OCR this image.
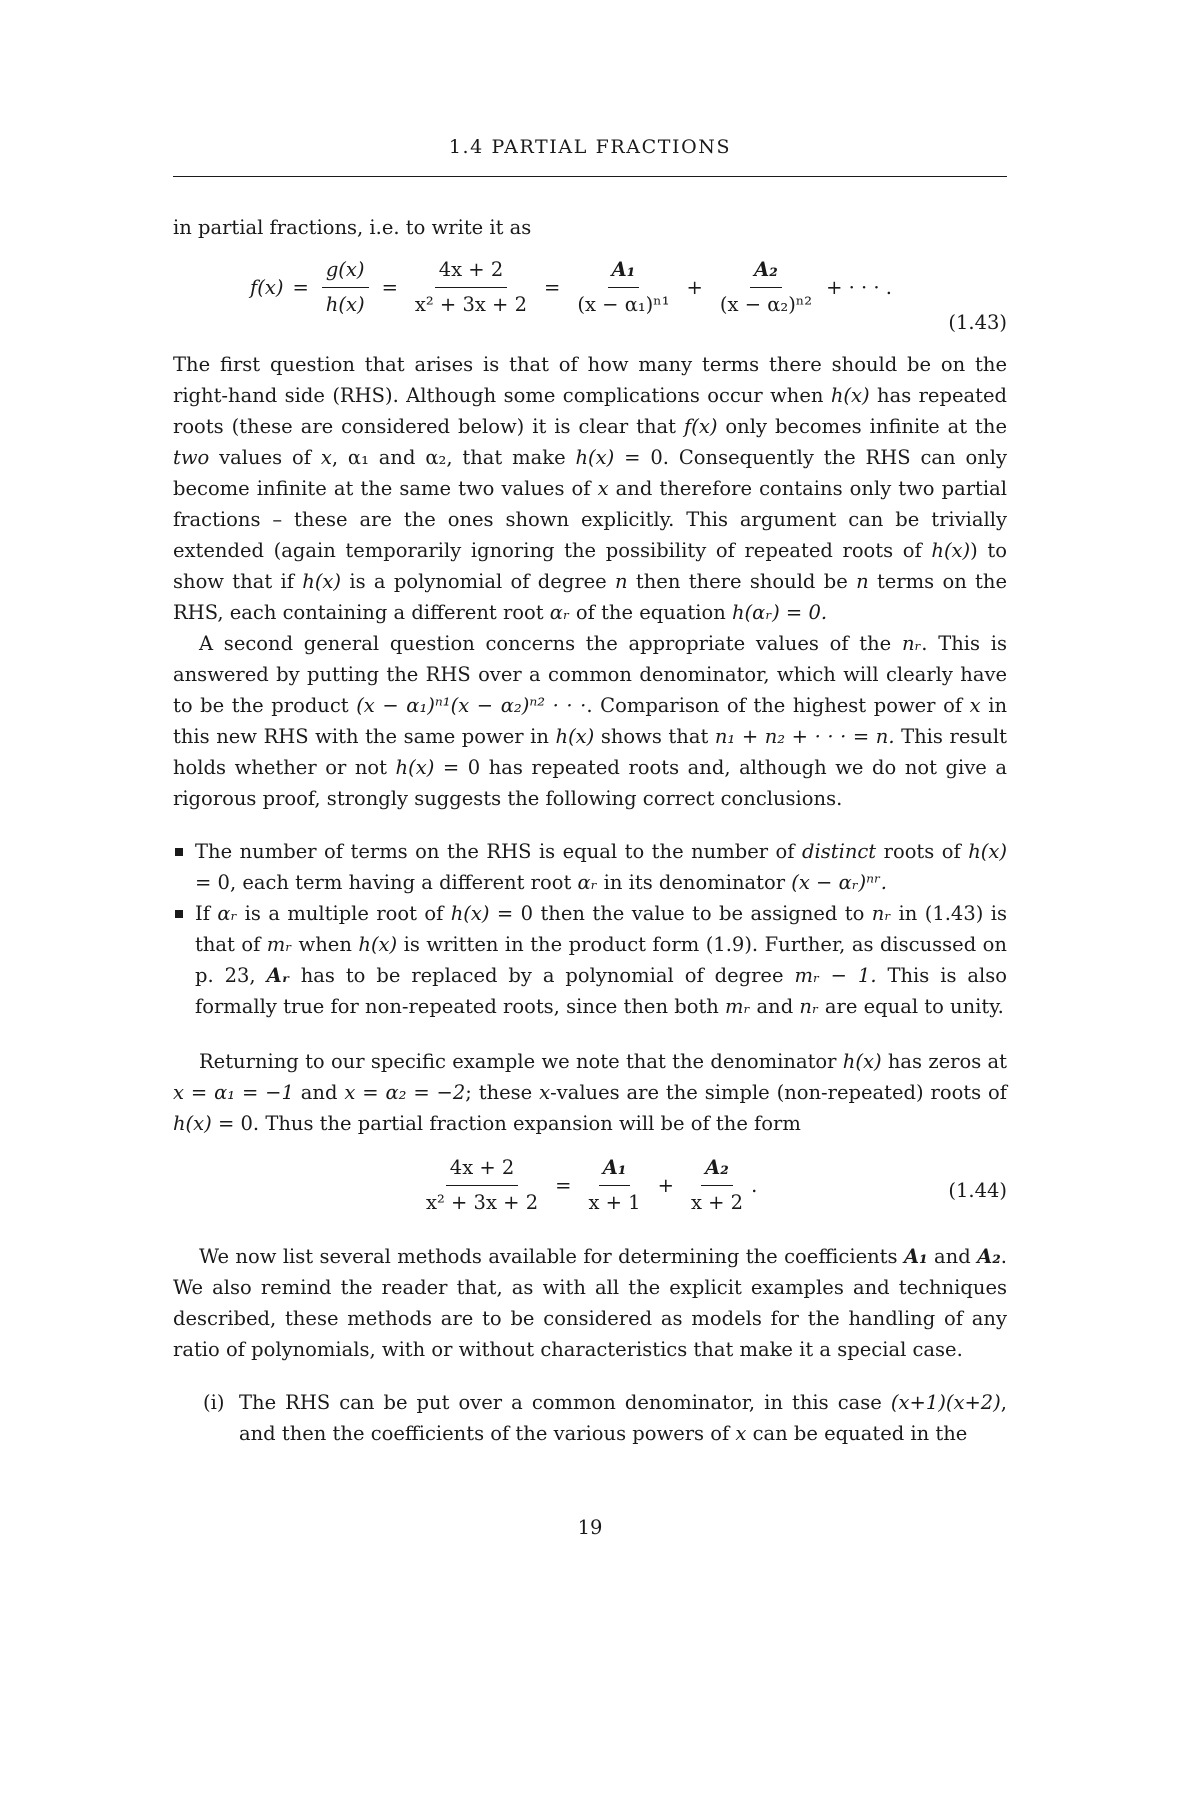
1.4 PARTIAL FRACTIONS

in partial fractions, i.e. to write it as

$f(x) = \frac{g(x)}{h(x)} = \frac{4x + 2}{\text{x² + 3x + 2}} = \frac{\text{A₁}}{\text{(x − α₁)ⁿ¹}} + \frac{\text{A₂}}{\text{(x − α₂)ⁿ²}}$ + · · · .
(1.43)

The first question that arises is that of how many terms there should be on the right-hand side (RHS). Although some complications occur when h(x) has repeated roots (these are considered below) it is clear that f(x) only becomes infinite at the two values of x, α₁ and α₂, that make h(x) = 0. Consequently the RHS can only become infinite at the same two values of x and therefore contains only two partial fractions – these are the ones shown explicitly. This argument can be trivially extended (again temporarily ignoring the possibility of repeated roots of h(x)) to show that if h(x) is a polynomial of degree n then there should be n terms on the RHS, each containing a different root αᵣ of the equation h(αᵣ) = 0.

A second general question concerns the appropriate values of the nᵣ. This is answered by putting the RHS over a common denominator, which will clearly have to be the product (x − α₁)ⁿ¹(x − α₂)ⁿ² · · ·. Comparison of the highest power of x in this new RHS with the same power in h(x) shows that n₁ + n₂ + · · · = n. This result holds whether or not h(x) = 0 has repeated roots and, although we do not give a rigorous proof, strongly suggests the following correct conclusions.

The number of terms on the RHS is equal to the number of distinct roots of h(x) = 0, each term having a different root αᵣ in its denominator (x − αᵣ)ⁿʳ.
If αᵣ is a multiple root of h(x) = 0 then the value to be assigned to nᵣ in (1.43) is that of mᵣ when h(x) is written in the product form (1.9). Further, as discussed on p. 23, Aᵣ has to be replaced by a polynomial of degree mᵣ − 1. This is also formally true for non-repeated roots, since then both mᵣ and nᵣ are equal to unity.

Returning to our specific example we note that the denominator h(x) has zeros at x = α₁ = −1 and x = α₂ = −2; these x-values are the simple (non-repeated) roots of h(x) = 0. Thus the partial fraction expansion will be of the form

$\frac{4x + 2}{\text{x² + 3x + 2}} = \frac{\text{A₁}}{x + 1} + \frac{\text{A₂}}{x + 2}$ .	(1.44)

We now list several methods available for determining the coefficients A₁ and A₂. We also remind the reader that, as with all the explicit examples and techniques described, these methods are to be considered as models for the handling of any ratio of polynomials, with or without characteristics that make it a special case.

(i) The RHS can be put over a common denominator, in this case (x+1)(x+2), and then the coefficients of the various powers of x can be equated in the
19
